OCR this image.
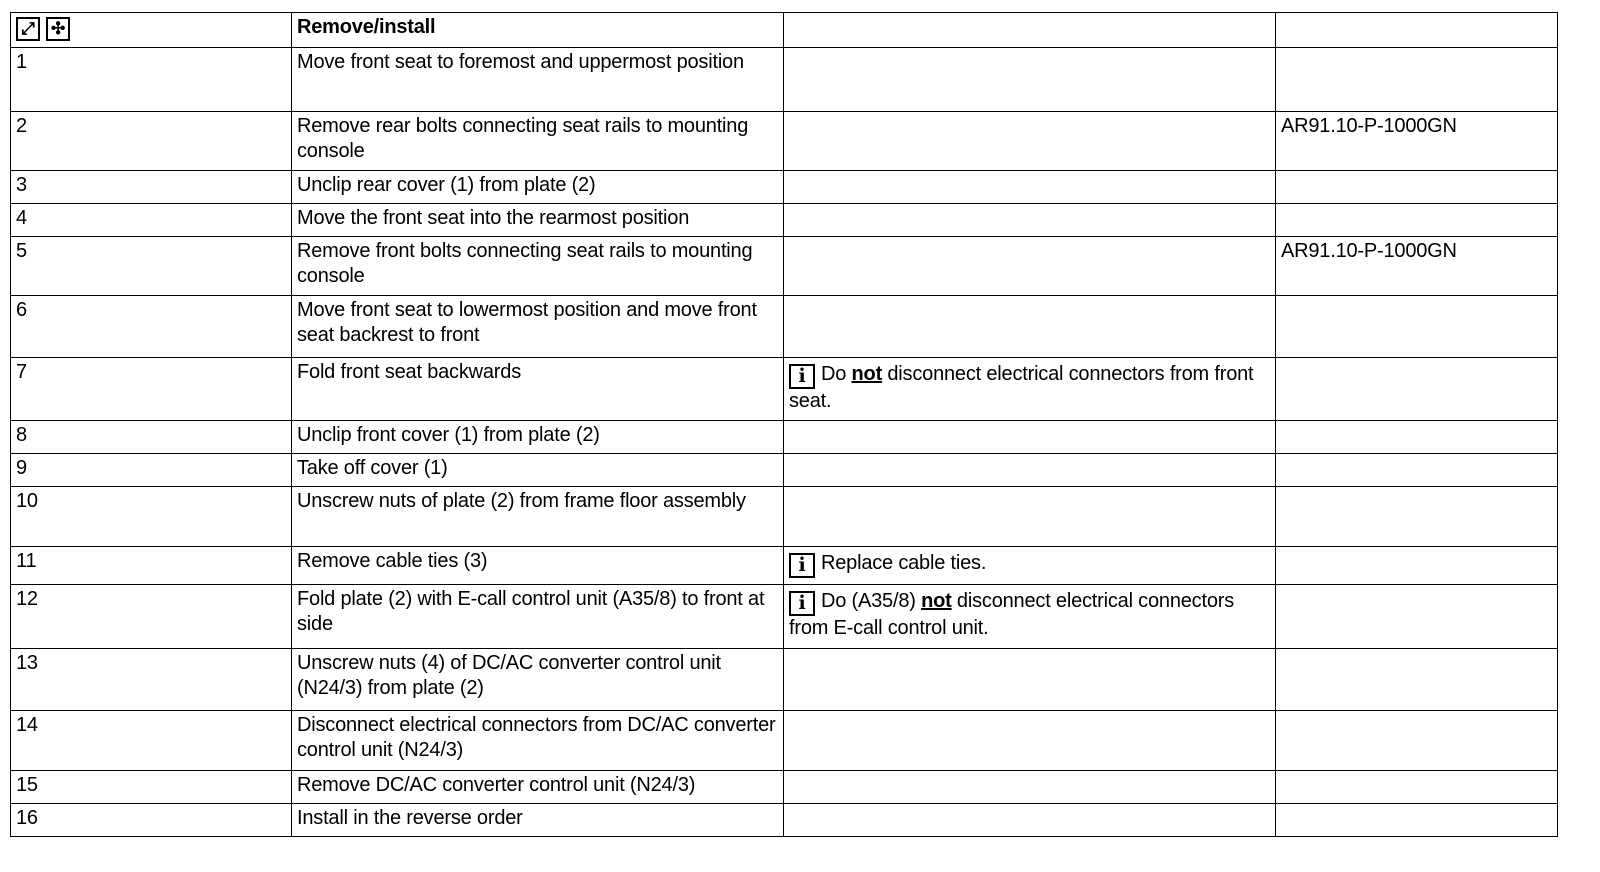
⤢ ✣	Remove/install		
1	Move front seat to foremost and uppermost position		
2	Remove rear bolts connecting seat rails to mounting console		AR91.10-P-1000GN
3	Unclip rear cover (1) from plate (2)		
4	Move the front seat into the rearmost position		
5	Remove front bolts connecting seat rails to mounting console		AR91.10-P-1000GN
6	Move front seat to lowermost position and move front seat backrest to front		
7	Fold front seat backwards	i Do not disconnect electrical connectors from front seat.	
8	Unclip front cover (1) from plate (2)		
9	Take off cover (1)		
10	Unscrew nuts of plate (2) from frame floor assembly		
11	Remove cable ties (3)	i Replace cable ties.	
12	Fold plate (2) with E-call control unit (A35/8) to front at side	i Do (A35/8) not disconnect electrical connectors from E-call control unit.	
13	Unscrew nuts (4) of DC/AC converter control unit (N24/3) from plate (2)		
14	Disconnect electrical connectors from DC/AC converter control unit (N24/3)		
15	Remove DC/AC converter control unit (N24/3)		
16	Install in the reverse order		
